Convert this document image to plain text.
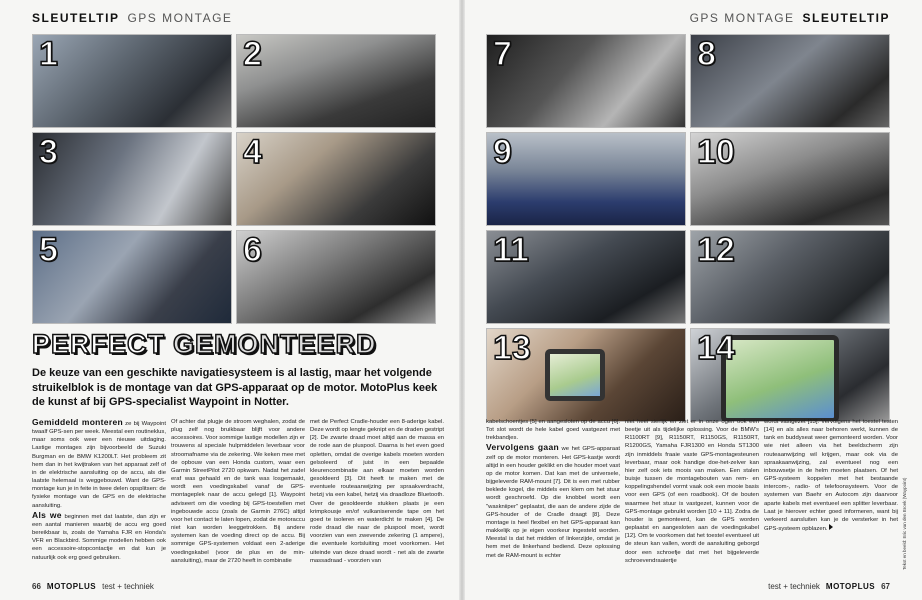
SLEUTELTIP GPS MONTAGE	GPS MONTAGE SLEUTELTIP
1	2
3	4
5	6
7	8
9	10
11	12
13	14
PERFECT GEMONTEERD
De keuze van een geschikte navigatiesysteem is al lastig, maar het volgende struikelblok is de montage van dat GPS-apparaat op de motor. MotoPlus keek de kunst af bij GPS-specialist Waypoint in Notter.

Gemiddeld monteren ze bij Waypoint twaalf GPS-sen per week. Meestal een routineklus, maar soms ook weer een nieuwe uitdaging. Lastige montages zijn bijvoorbeeld de Suzuki Burgman en de BMW K1200LT. Het probleem zit hem dan in het kwijtraken van het apparaat zelf of in de elektrische aansluiting op de accu, als die laatste helemaal is weggebouwd. Want de GPS-montage kun je in feite in twee delen opsplitsen: de fysieke montage van de GPS en de elektrische aansluiting.

Als we beginnen met dat laatste, dan zijn er een aantal manieren waarbij de accu erg goed bereikbaar is, zoals de Yamaha FJR en Honda's VFR en Blackbird. Sommige modellen hebben ook een accessoire-stopcontactje en dat kun je natuurlijk ook erg goed gebruiken.

Of achter dat plugje de stroom weghalen, zodat de plug zelf nog bruikbaar blijft voor andere accessoires. Voor sommige lastige modellen zijn er trouwens al speciale hulpmiddelen leverbaar voor stroomafname via de zekering. We keken mee met de opbouw van een Honda custom, waar een Garmin StreetPilot 2720 opkwam. Nadat het zadel eraf was gehaald en de tank was losgemaakt, wordt een voedingskabel vanaf de GPS-montageplek naar de accu gelegd [1]. Waypoint adviseert om die voeding bij GPS-toestellen met ingebouwde accu (zoals de Garmin 276C) altijd voor het contact te laten lopen, zodat de motoraccu niet kan worden leeggetrokken. Bij andere systemen kan de voeding direct op de accu. Bij sommige GPS-systemen voldaat een 2-aderige voedingskabel (voor de plus en de min-aansluiting), maar de 2720 heeft in combinatie

met de Perfect Cradle-houder een 8-aderige kabel. Deze wordt op lengte geknipt en de draden gestript [2]. De zwarte draad moet altijd aan de massa en de rode aan de pluspool. Daarna is het even goed opletten, omdat de overige kabels moeten worden gelsoleerd of juist in een bepaalde kleurencombinatie aan elkaar moeten worden gesoldeerd [3]. Dit heeft te maken met de eventuele routeaanwijzing per spraakverdracht, hetzij via een kabel, hetzij via draadloze Bluetooth. Over de gesoldeerde stukken plaats je een krimpkousje en/of vulkaniserende tape om het goed te isoleren en waterdicht te maken [4]. De rode draad die naar de pluspool moet, wordt voorzien van een zwevende zekering (1 ampere), die eventuele kortsluiting moet voorkomen. Het uiteinde van deze draad wordt - net als de zwarte massadraad - voorzien van

kabelschoentjes [5] en aangesloten op de accu [6]. Tot slot wordt de hele kabel goed vastgezet met trekbandjes.

Vervolgens gaan we het GPS-apparaat zelf op de motor monteren. Het GPS-kastje wordt altijd in een houder geklikt en die houder moet vast op de motor komen. Dat kan met de universele, bijgeleverde RAM-mount [7]. Dit is een met rubber beklede kogel, die middels een klem om het stuur wordt geschroefd. Op die knobbel wordt een "waskniiper" geplaatst, die aan de andere zijde de GPS-houder of de Cradle draagt [8]. Deze montage is heel flexibel en het GPS-apparaat kan makkelijk op je eigen voorkeur ingesteld worden. Meestal is dat het midden of linkerzijde, omdat je hem met de linkerhand bediend. Deze oplossing met de RAM-mount is echter

niet heel sierlijk en ziet er in onze ogen ook een beetje uit als tijdelijke oplossing. Voor de BMW's R1100RT [9], R1150RT, R1150GS, R1150RT, R1200GS, Yamaha FJR1300 en Honda ST1300 zijn inmiddels fraaie vaste GPS-montagesteunen leverbaar, maar ook handige doe-het-zelver kan hier zelf ook iets moois van maken. Een stalen buisje tussen de montagebouten van rem- en koppelingshendel vormt vaak ook een mooie basis voor een GPS (of een roadbook). Of de bouten waarmee het stuur is vastgezet, kunnen voor de GPS-montage gebruikt worden [10 + 11]. Zodra de houder is gemonteerd, kan de GPS worden geplaatst en aangesloten aan de voedingskabel [12]. Om te voorkomen dat het toestel eventueel uit de steun kan vallen, wordt de aansluiting geborgd door een schroefje dat met het bijgeleverde schroevendraaiertje

wordt vastgezet [13]. Vervolgens het toestel testen [14] en als alles naar behoren werkt, kunnen de tank en buddyseat weer gemonteerd worden. Voor wie niet alleen via het beeldscherm zijn routeaanwijzing wil krijgen, maar ook via de spraakaanwijzing, zal eventueel nog een inbouwsetje in de helm moeten plaatsen. Of het GPS-systeem koppelen met het bestaande intercom-, radio- of telefoonsysteem. Voor de systemen van Baehr en Autocom zijn daarvoor aparte kabels met eventueel een splitter leverbaar. Laat je hierover echter goed informeren, want bij verkeerd aansluiten kan je de versterker in het GPS-systeem opblazen.	Tekst en beeld: Eric van den Broek (Waypoint)
66 MOTOPLUS test + techniek	test + techniek MOTOPLUS 67
